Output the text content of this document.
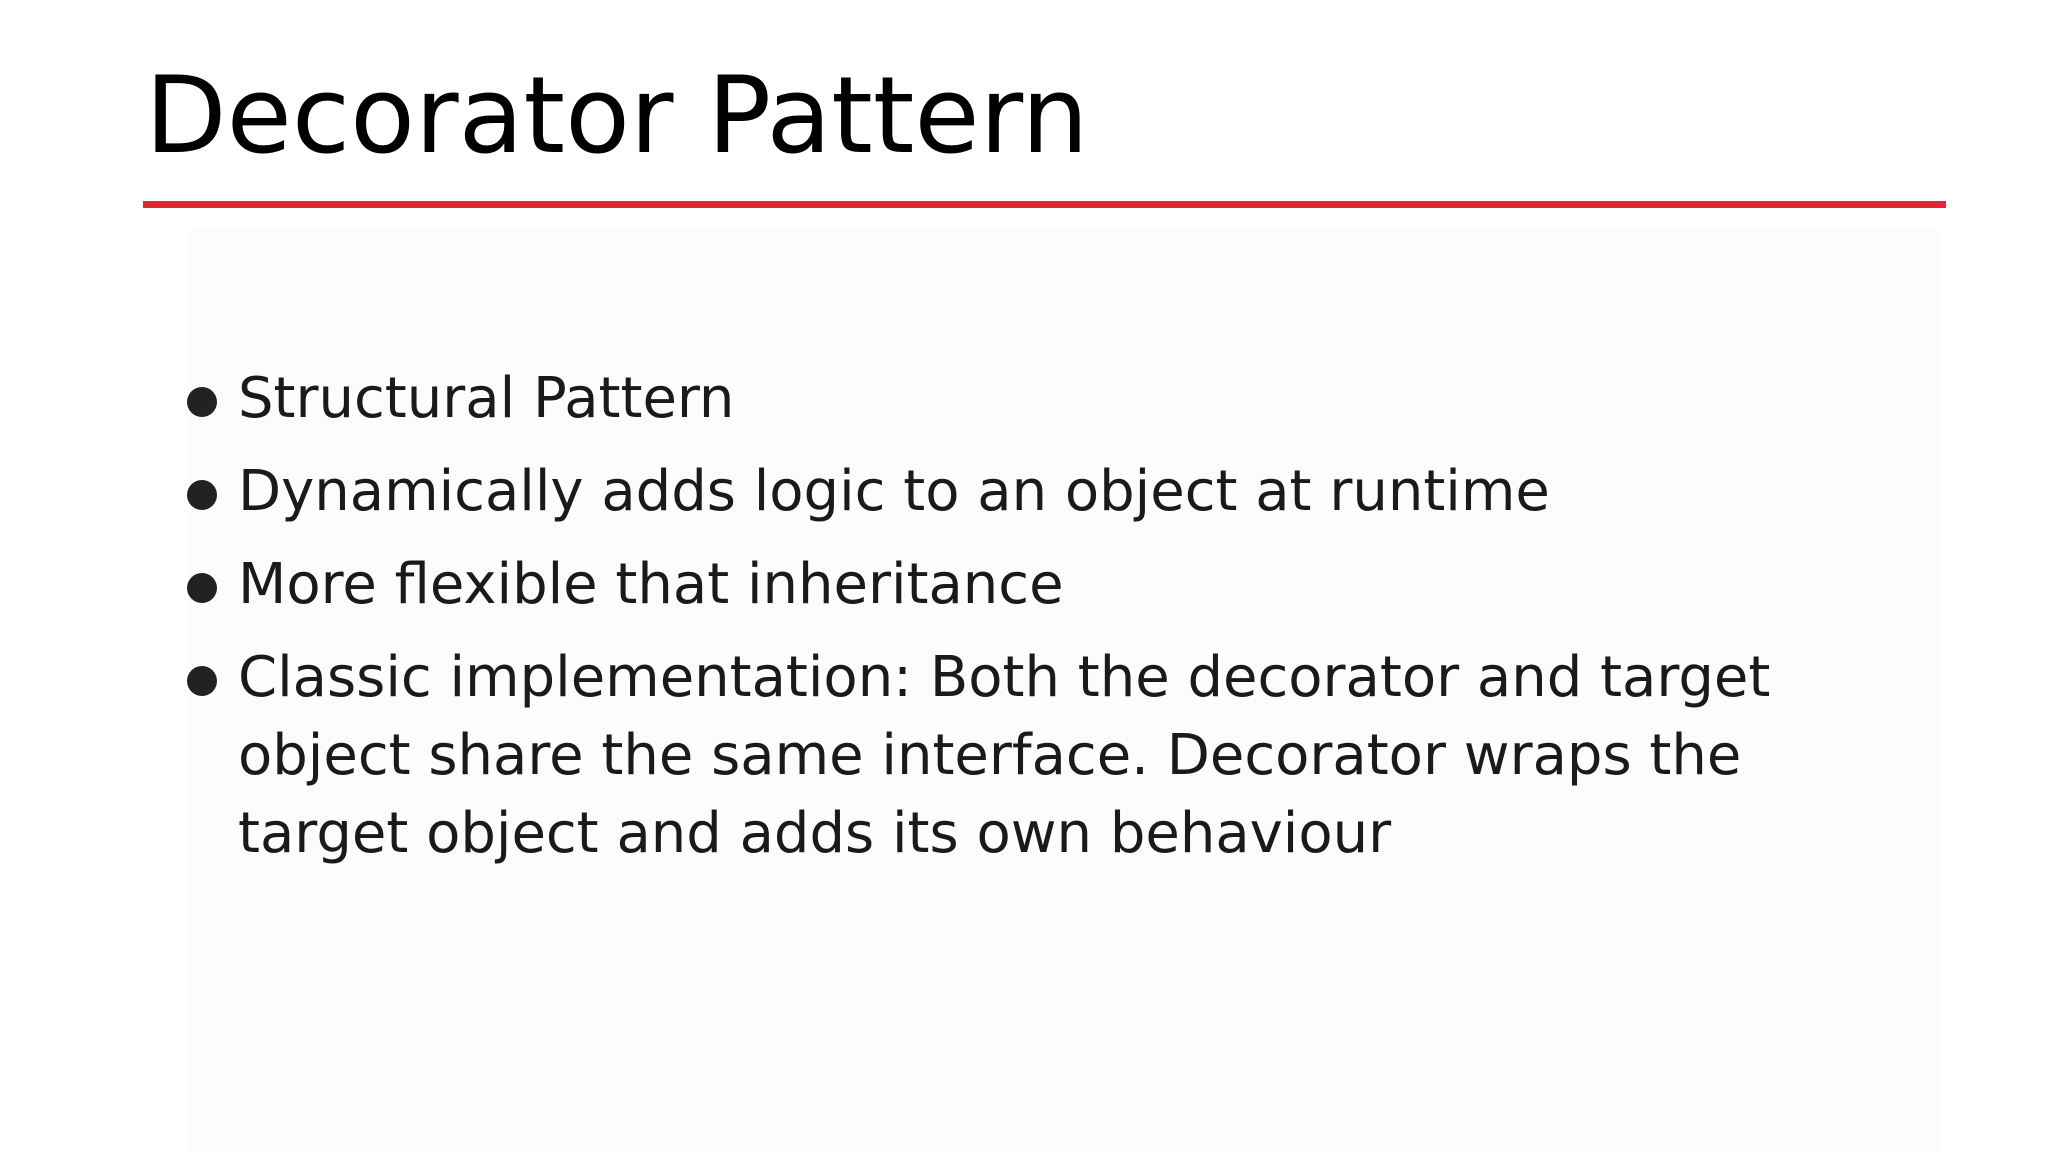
Decorator Pattern
Structural Pattern
Dynamically adds logic to an object at runtime
More flexible that inheritance
Classic implementation: Both the decorator and target object share the same interface. Decorator wraps the target object and adds its own behaviour
